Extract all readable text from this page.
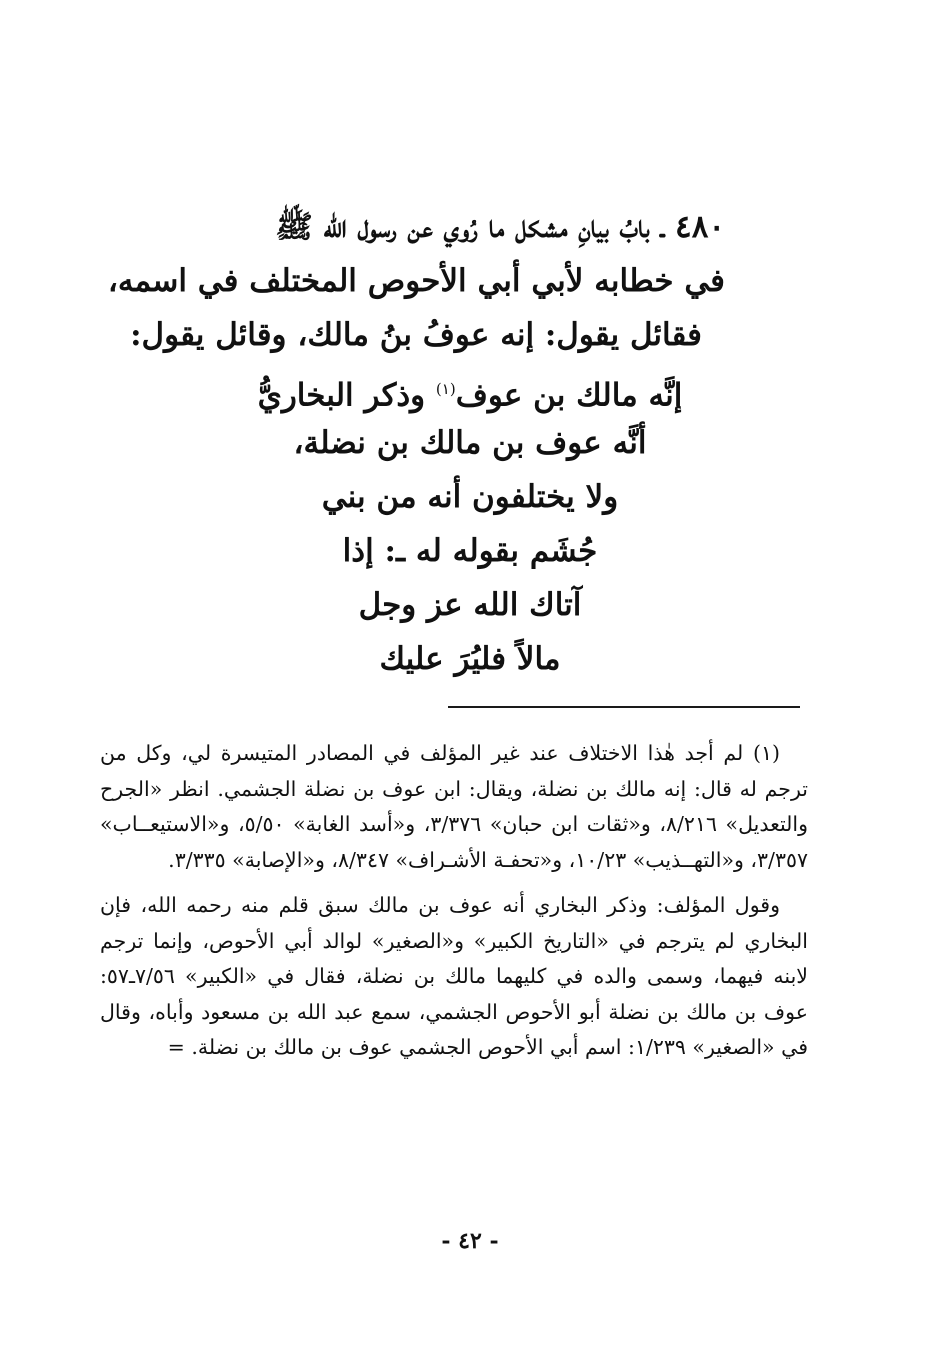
٤٨٠ ـ بابُ بيانِ مشكل ما رُوي عن رسول الله ﷺ
في خطابه لأبي أبي الأحوص المختلف في اسمه،
فقائل يقول: إنه عوفُ بنُ مالك، وقائل يقول:
إنَّه مالك بن عوف$^{(١)}$ وذكر البخاريُّ
أنَّه عوف بن مالك بن نضلة،
ولا يختلفون أنه من بني
جُشَم بقوله له ـ: إذا
آتاك الله عز وجل
مالاً فليُرَ عليك

(١) لم أجد هٰذا الاختلاف عند غير المؤلف في المصادر المتيسرة لي، وكل من ترجم له قال: إنه مالك بن نضلة، ويقال: ابن عوف بن نضلة الجشمي. انظر «الجرح والتعديل» ٨/٢١٦، و«ثقات ابن حبان» ٣/٣٧٦، و«أسد الغابة» ٥/٥٠، و«الاستيعــاب» ٣/٣٥٧، و«التهــذيب» ١٠/٢٣، و«تحفـة الأشـراف» ٨/٣٤٧، و«الإصابة» ٣/٣٣٥.

وقول المؤلف: وذكر البخاري أنه عوف بن مالك سبق قلم منه رحمه الله، فإن البخاري لم يترجم في «التاريخ الكبير» و«الصغير» لوالد أبي الأحوص، وإنما ترجم لابنه فيهما، وسمى والده في كليهما مالك بن نضلة، فقال في «الكبير» ٧/٥٦ـ٥٧: عوف بن مالك بن نضلة أبو الأحوص الجشمي، سمع عبد الله بن مسعود وأباه، وقال في «الصغير» ١/٢٣٩: اسم أبي الأحوص الجشمي عوف بن مالك بن نضلة. =

- ٤٢ -
